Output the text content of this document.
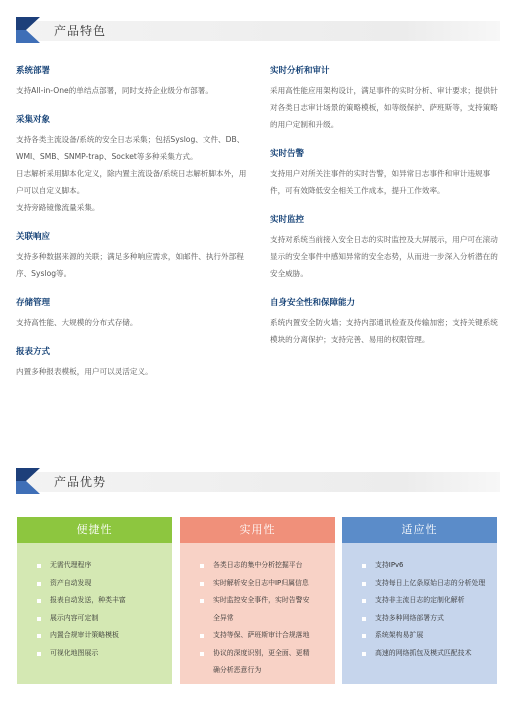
产品特色
系统部署

支持All-in-One的单结点部署，同时支持企业级分布部署。

采集对象

支持各类主流设备/系统的安全日志采集；包括Syslog、文件、DB、WMI、SMB、SNMP-trap、Socket等多种采集方式。

日志解析采用脚本化定义，除内置主流设备/系统日志解析脚本外，用户可以自定义脚本。

支持旁路镜像流量采集。

关联响应

支持多种数据来源的关联；满足多种响应需求，如邮件、执行外部程序、Syslog等。

存储管理

支持高性能、大规模的分布式存储。

报表方式

内置多种报表模板，用户可以灵活定义。

实时分析和审计

采用高性能应用架构设计，满足事件的实时分析、审计要求；提供针对各类日志审计场景的策略模板，如等级保护、萨班斯等，支持策略的用户定制和升级。

实时告警

支持用户对所关注事件的实时告警，如异常日志事件和审计违规事件，可有效降低安全相关工作成本，提升工作效率。

实时监控

支持对系统当前接入安全日志的实时监控及大屏展示，用户可在滚动显示的安全事件中感知异常的安全态势，从而进一步深入分析潜在的安全威胁。

自身安全性和保障能力

系统内置安全防火墙；支持内部通讯检查及传输加密；支持关键系统模块的分离保护；支持完善、易用的权限管理。

产品优势
便捷性
无需代理程序
资产自动发现
报表自动发送，种类丰富
展示内容可定制
内置合规审计策略模板
可视化地图展示
实用性
各类日志的集中分析挖掘平台
实时解析安全日志中IP归属信息
实时监控安全事件，实时告警安
全异常
支持等保、萨班斯审计合规落地
协议的深度识别，更全面、更精
确分析恶意行为
适应性
支持IPv6
支持每日上亿条原始日志的分析处理
支持非主流日志的定制化解析
支持多种网络部署方式
系统架构易扩展
高速的网络抓包及模式匹配技术
